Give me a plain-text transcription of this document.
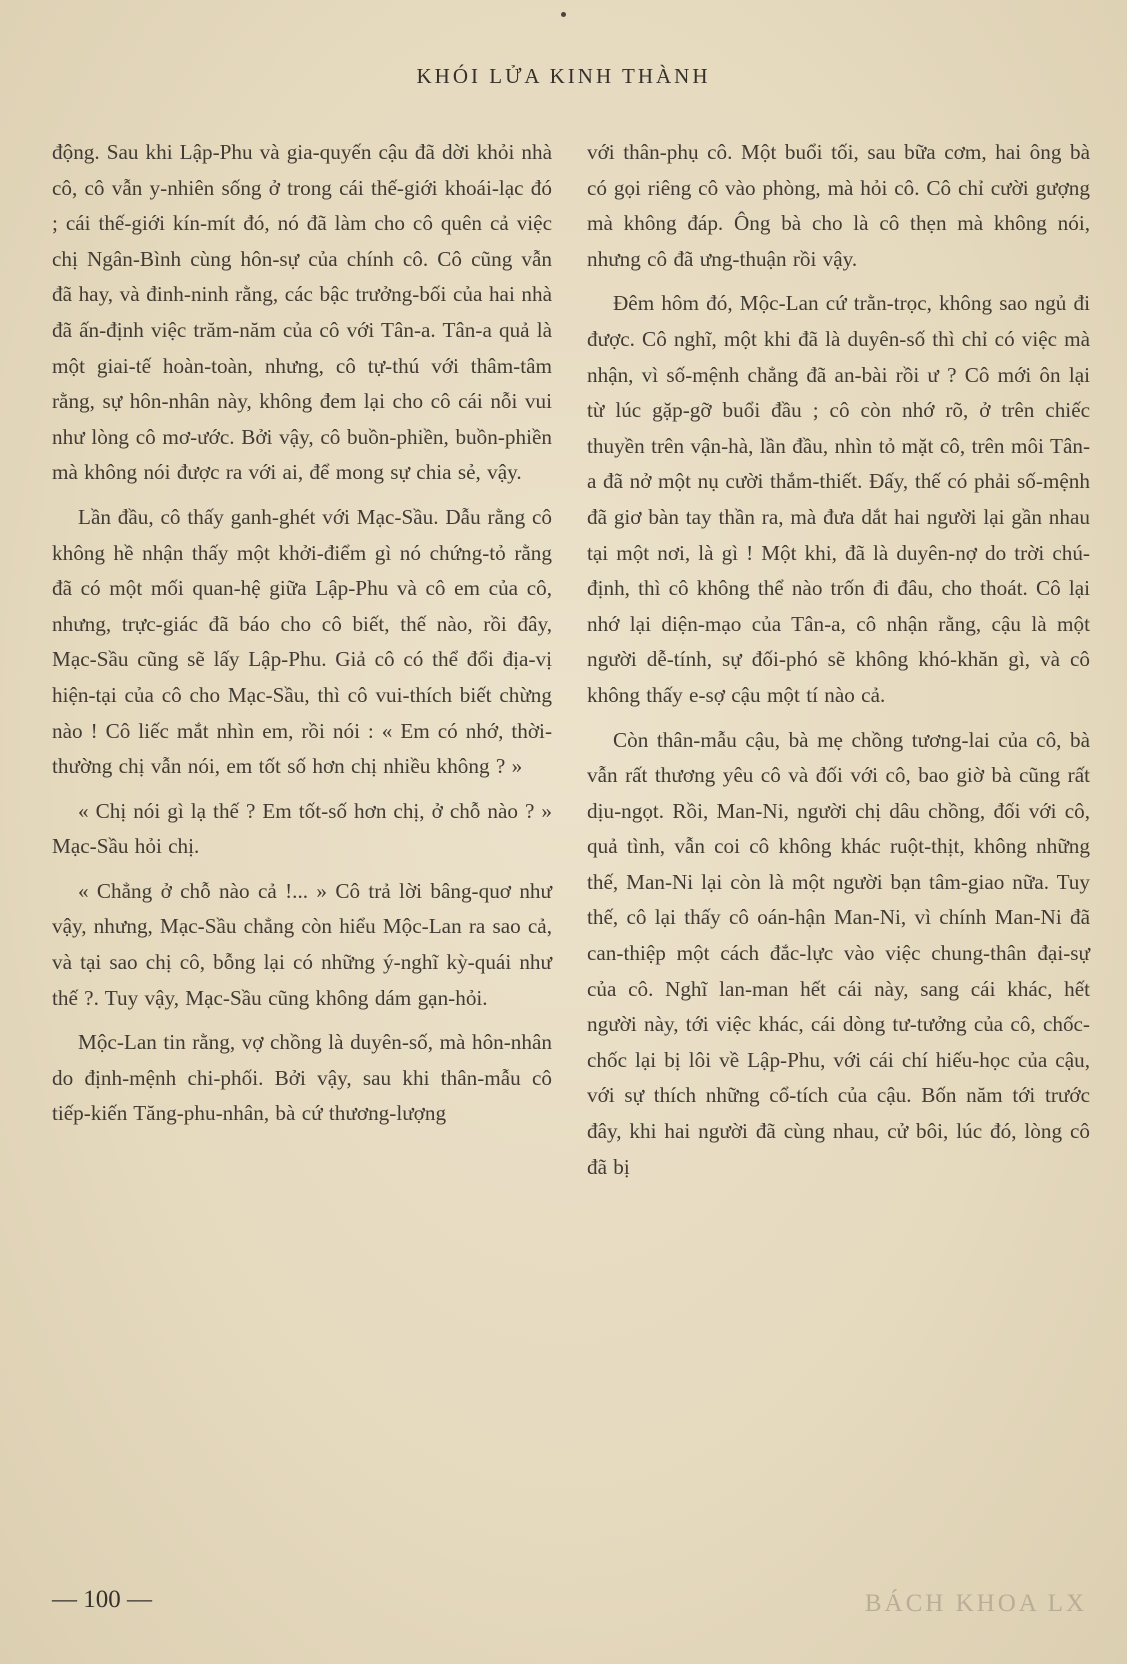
KHÓI LỬA KINH THÀNH

động. Sau khi Lập-Phu và gia-quyến cậu đã dời khỏi nhà cô, cô vẫn y-nhiên sống ở trong cái thế-giới khoái-lạc đó ; cái thế-giới kín-mít đó, nó đã làm cho cô quên cả việc chị Ngân-Bình cùng hôn-sự của chính cô. Cô cũng vẫn đã hay, và đinh-ninh rằng, các bậc trưởng-bối của hai nhà đã ấn-định việc trăm-năm của cô với Tân-a. Tân-a quả là một giai-tế hoàn-toàn, nhưng, cô tự-thú với thâm-tâm rằng, sự hôn-nhân này, không đem lại cho cô cái nỗi vui như lòng cô mơ-ước. Bởi vậy, cô buồn-phiền, buồn-phiền mà không nói được ra với ai, để mong sự chia sẻ, vậy.

Lần đầu, cô thấy ganh-ghét với Mạc-Sầu. Dẫu rằng cô không hề nhận thấy một khởi-điểm gì nó chứng-tỏ rằng đã có một mối quan-hệ giữa Lập-Phu và cô em của cô, nhưng, trực-giác đã báo cho cô biết, thế nào, rồi đây, Mạc-Sầu cũng sẽ lấy Lập-Phu. Giả cô có thể đổi địa-vị hiện-tại của cô cho Mạc-Sầu, thì cô vui-thích biết chừng nào ! Cô liếc mắt nhìn em, rồi nói : « Em có nhớ, thời-thường chị vẫn nói, em tốt số hơn chị nhiều không ? »

« Chị nói gì lạ thế ? Em tốt-số hơn chị, ở chỗ nào ? » Mạc-Sầu hỏi chị.

« Chẳng ở chỗ nào cả !... » Cô trả lời bâng-quơ như vậy, nhưng, Mạc-Sầu chẳng còn hiểu Mộc-Lan ra sao cả, và tại sao chị cô, bỗng lại có những ý-nghĩ kỳ-quái như thế ?. Tuy vậy, Mạc-Sầu cũng không dám gạn-hỏi.

Mộc-Lan tin rằng, vợ chồng là duyên-số, mà hôn-nhân do định-mệnh chi-phối. Bởi vậy, sau khi thân-mẫu cô tiếp-kiến Tăng-phu-nhân, bà cứ thương-lượng

với thân-phụ cô. Một buổi tối, sau bữa cơm, hai ông bà có gọi riêng cô vào phòng, mà hỏi cô. Cô chỉ cười gượng mà không đáp. Ông bà cho là cô thẹn mà không nói, nhưng cô đã ưng-thuận rồi vậy.

Đêm hôm đó, Mộc-Lan cứ trằn-trọc, không sao ngủ đi được. Cô nghĩ, một khi đã là duyên-số thì chỉ có việc mà nhận, vì số-mệnh chẳng đã an-bài rồi ư ? Cô mới ôn lại từ lúc gặp-gỡ buổi đầu ; cô còn nhớ rõ, ở trên chiếc thuyền trên vận-hà, lần đầu, nhìn tỏ mặt cô, trên môi Tân-a đã nở một nụ cười thắm-thiết. Đấy, thế có phải số-mệnh đã giơ bàn tay thần ra, mà đưa dắt hai người lại gần nhau tại một nơi, là gì ! Một khi, đã là duyên-nợ do trời chú-định, thì cô không thể nào trốn đi đâu, cho thoát. Cô lại nhớ lại diện-mạo của Tân-a, cô nhận rằng, cậu là một người dễ-tính, sự đối-phó sẽ không khó-khăn gì, và cô không thấy e-sợ cậu một tí nào cả.

Còn thân-mẫu cậu, bà mẹ chồng tương-lai của cô, bà vẫn rất thương yêu cô và đối với cô, bao giờ bà cũng rất dịu-ngọt. Rồi, Man-Ni, người chị dâu chồng, đối với cô, quả tình, vẫn coi cô không khác ruột-thịt, không những thế, Man-Ni lại còn là một người bạn tâm-giao nữa. Tuy thế, cô lại thấy cô oán-hận Man-Ni, vì chính Man-Ni đã can-thiệp một cách đắc-lực vào việc chung-thân đại-sự của cô. Nghĩ lan-man hết cái này, sang cái khác, hết người này, tới việc khác, cái dòng tư-tưởng của cô, chốc-chốc lại bị lôi về Lập-Phu, với cái chí hiếu-học của cậu, với sự thích những cổ-tích của cậu. Bốn năm tới trước đây, khi hai người đã cùng nhau, cử bôi, lúc đó, lòng cô đã bị

— 100 —	BÁCH KHOA LX
